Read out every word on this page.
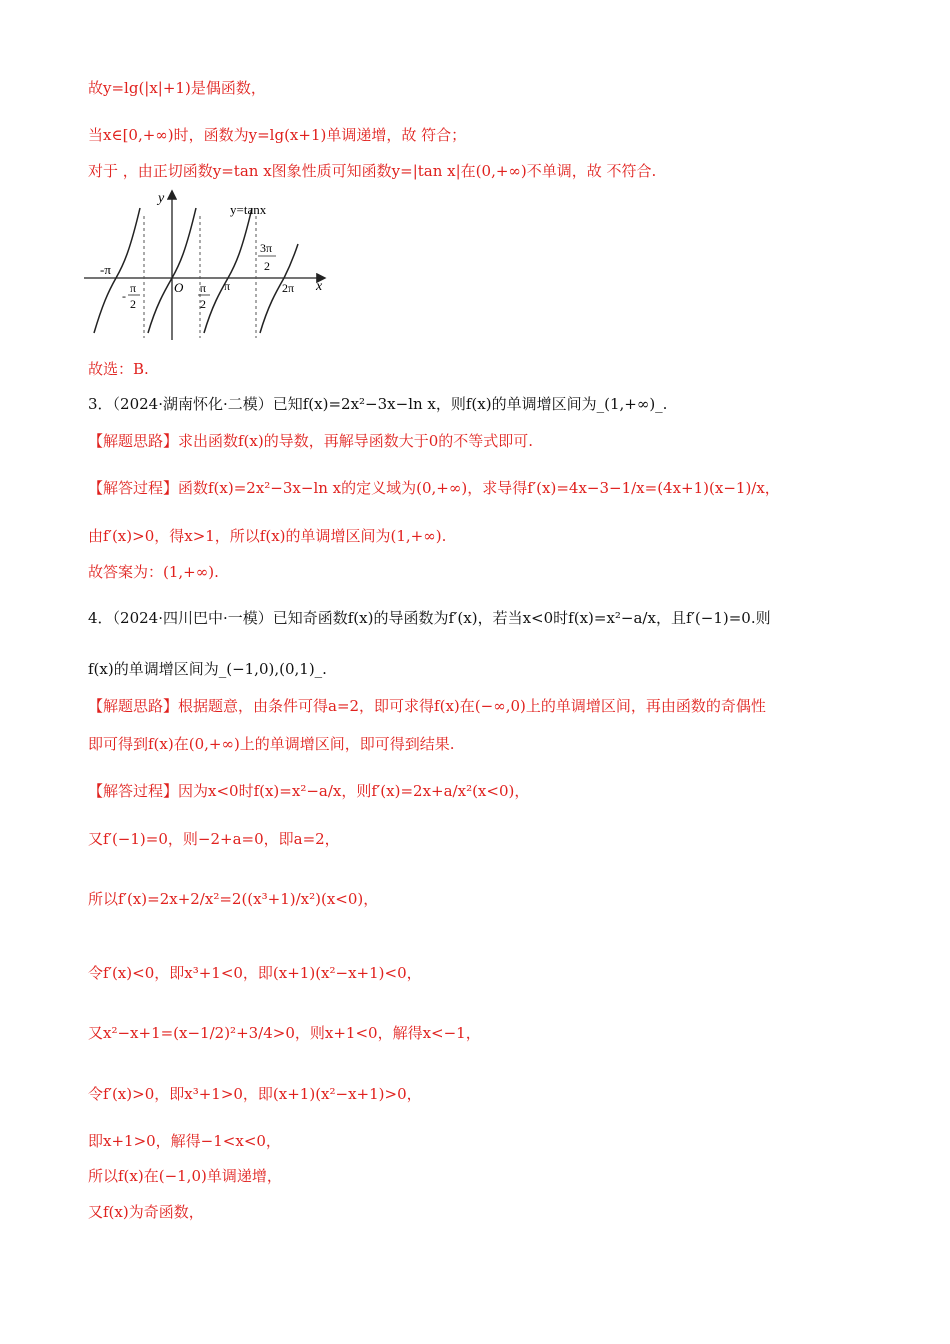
故y=lg(|x|+1)是偶函数，
当x∈[0,+∞)时，函数为y=lg(x+1)单调递增，故 符合；
对于 ，由正切函数y=tan x图象性质可知函数y=|tan x|在(0,+∞)不单调，故 不符合.
y
x
O
y=tanx
-π
-
π
2
π
2
π
3π
2
2π
故选：B.
3．（2024·湖南怀化·二模）已知f(x)=2x²−3x−ln x，则f(x)的单调增区间为_(1,+∞)_.
【解题思路】求出函数f(x)的导数，再解导函数大于0的不等式即可.
【解答过程】函数f(x)=2x²−3x−ln x的定义域为(0,+∞)，求导得f′(x)=4x−3−1/x=(4x+1)(x−1)/x，
由f′(x)>0，得x>1，所以f(x)的单调增区间为(1,+∞).
故答案为：(1,+∞).
4．（2024·四川巴中·一模）已知奇函数f(x)的导函数为f′(x)，若当x<0时f(x)=x²−a/x，且f′(−1)=0.则
f(x)的单调增区间为_(−1,0),(0,1)_.
【解题思路】根据题意，由条件可得a=2，即可求得f(x)在(−∞,0)上的单调增区间，再由函数的奇偶性
即可得到f(x)在(0,+∞)上的单调增区间，即可得到结果.
【解答过程】因为x<0时f(x)=x²−a/x，则f′(x)=2x+a/x²(x<0)，
又f′(−1)=0，则−2+a=0，即a=2，
所以f′(x)=2x+2/x²=2((x³+1)/x²)(x<0)，
令f′(x)<0，即x³+1<0，即(x+1)(x²−x+1)<0，
又x²−x+1=(x−1/2)²+3/4>0，则x+1<0，解得x<−1，
令f′(x)>0，即x³+1>0，即(x+1)(x²−x+1)>0，
即x+1>0，解得−1<x<0，
所以f(x)在(−1,0)单调递增，
又f(x)为奇函数，
